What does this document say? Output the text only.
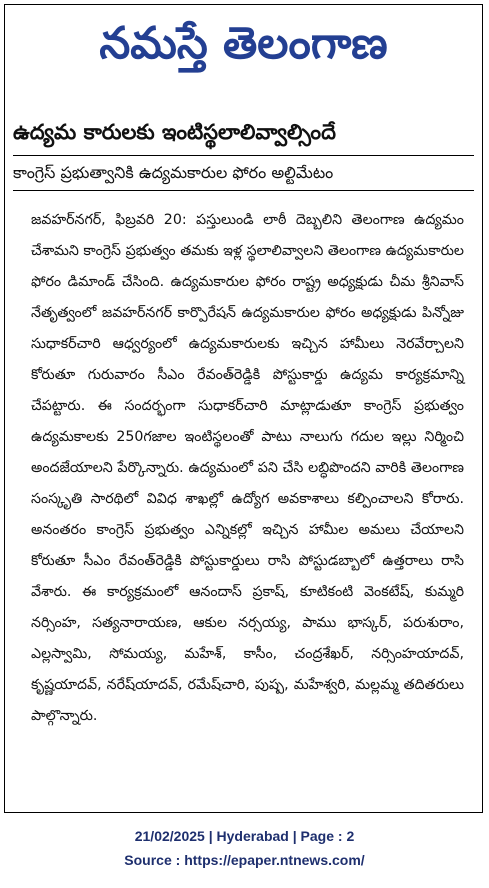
నమస్తే తెలంగాణ
ఉద్యమ కారులకు ఇంటిస్థలాలివ్వాల్సిందే
కాంగ్రెస్ ప్రభుత్వానికి ఉద్యమకారుల ఫోరం అల్టిమేటం

జవహర్‌నగర్, ఫిబ్రవరి 20: పస్తులుండి లాఠీ దెబ్బలిని తెలంగాణ ఉద్యమం చేశామని కాంగ్రెస్ ప్రభుత్వం తమకు ఇళ్ల స్థలాలివ్వాలని తెలంగాణ ఉద్యమకారుల ఫోరం డిమాండ్ చేసింది. ఉద్యమకారుల ఫోరం రాష్ట్ర అధ్యక్షుడు చీమ శ్రీనివాస్ నేతృత్వంలో జవహర్‌నగర్ కార్పొరేషన్ ఉద్యమకారుల ఫోరం అధ్యక్షుడు పిన్నోజు సుధాకర్‌చారి ఆధ్వర్యంలో ఉద్యమకారులకు ఇచ్చిన హామీలు నెరవేర్చాలని కోరుతూ గురువారం సీఎం రేవంత్‌రెడ్డికి పోస్టుకార్డు ఉద్యమ కార్యక్రమాన్ని చేపట్టారు. ఈ సందర్భంగా సుధాకర్‌చారి మాట్లాడుతూ కాంగ్రెస్ ప్రభుత్వం ఉద్యమకాలకు 250గజాల ఇంటిస్థలంతో పాటు నాలుగు గదుల ఇల్లు నిర్మించి అందజేయాలని పేర్కొన్నారు. ఉద్యమంలో పని చేసి లబ్ధిపొందని వారికి తెలంగాణ సంస్కృతి సారథిలో వివిధ శాఖల్లో ఉద్యోగ అవకాశాలు కల్పించాలని కోరారు. అనంతరం కాంగ్రెస్ ప్రభుత్వం ఎన్నికల్లో ఇచ్చిన హామీల అమలు చేయాలని కోరుతూ సీఎం రేవంత్‌రెడ్డికి పోస్టుకార్డులు రాసి పోస్టుడబ్బాలో ఉత్తరాలు రాసి వేశారు. ఈ కార్యక్రమంలో ఆనందాస్ ప్రకాష్, కూటికంటి వెంకటేష్, కుమ్మరి నర్సింహ, సత్యనారాయణ, ఆకుల నర్సయ్య, పాము భాస్కర్, పరుశురాం, ఎల్లస్వామి, సోమయ్య, మహేశ్, కాసీం, చంద్రశేఖర్, నర్సింహయాదవ్, కృష్ణయాదవ్, నరేష్‌యాదవ్, రమేష్‌చారి, పుష్ప, మహేశ్వరి, మల్లమ్మ తదితరులు పాల్గొన్నారు.

21/02/2025 | Hyderabad | Page : 2
Source : https://epaper.ntnews.com/
